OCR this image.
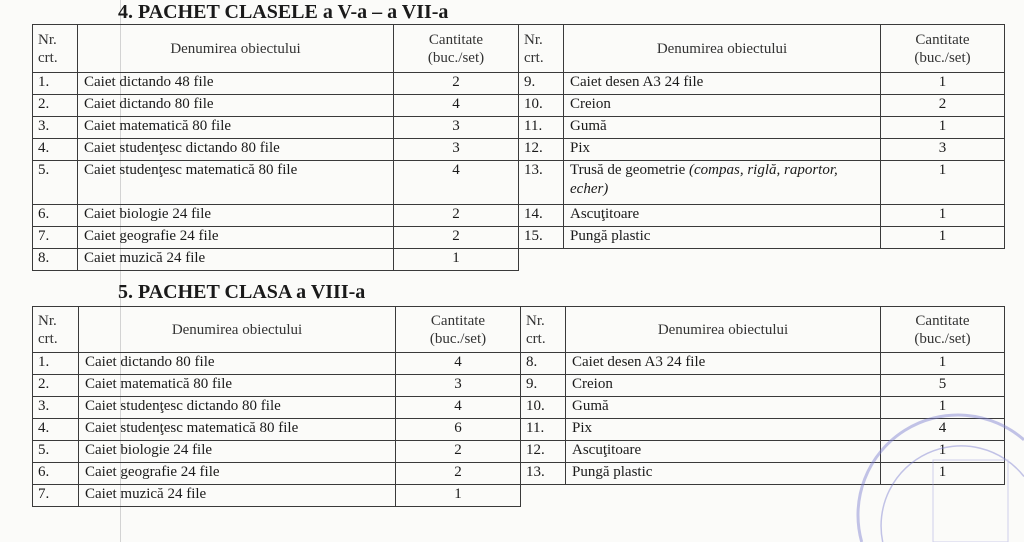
4. PACHET CLASELE a V-a – a VII-a
Nr. crt.	Denumirea obiectului	Cantitate (buc./set)	Nr. crt.	Denumirea obiectului	Cantitate (buc./set)
1.	Caiet dictando 48 file	2	9.	Caiet desen A3 24 file	1
2.	Caiet dictando 80 file	4	10.	Creion	2
3.	Caiet matematică 80 file	3	11.	Gumă	1
4.	Caiet studenţesc dictando 80 file	3	12.	Pix	3
5.	Caiet studenţesc matematică 80 file	4	13.	Trusă de geometrie (compas, riglă, raportor, echer)	1
6.	Caiet biologie 24 file	2	14.	Ascuţitoare	1
7.	Caiet geografie 24 file	2	15.	Pungă plastic	1
8.	Caiet muzică 24 file	1			
5. PACHET CLASA a VIII-a
Nr. crt.	Denumirea obiectului	Cantitate (buc./set)	Nr. crt.	Denumirea obiectului	Cantitate (buc./set)
1.	Caiet dictando 80 file	4	8.	Caiet desen A3 24 file	1
2.	Caiet matematică 80 file	3	9.	Creion	5
3.	Caiet studenţesc dictando 80 file	4	10.	Gumă	1
4.	Caiet studenţesc matematică 80 file	6	11.	Pix	4
5.	Caiet biologie 24 file	2	12.	Ascuţitoare	1
6.	Caiet geografie 24 file	2	13.	Pungă plastic	1
7.	Caiet muzică 24 file	1			
